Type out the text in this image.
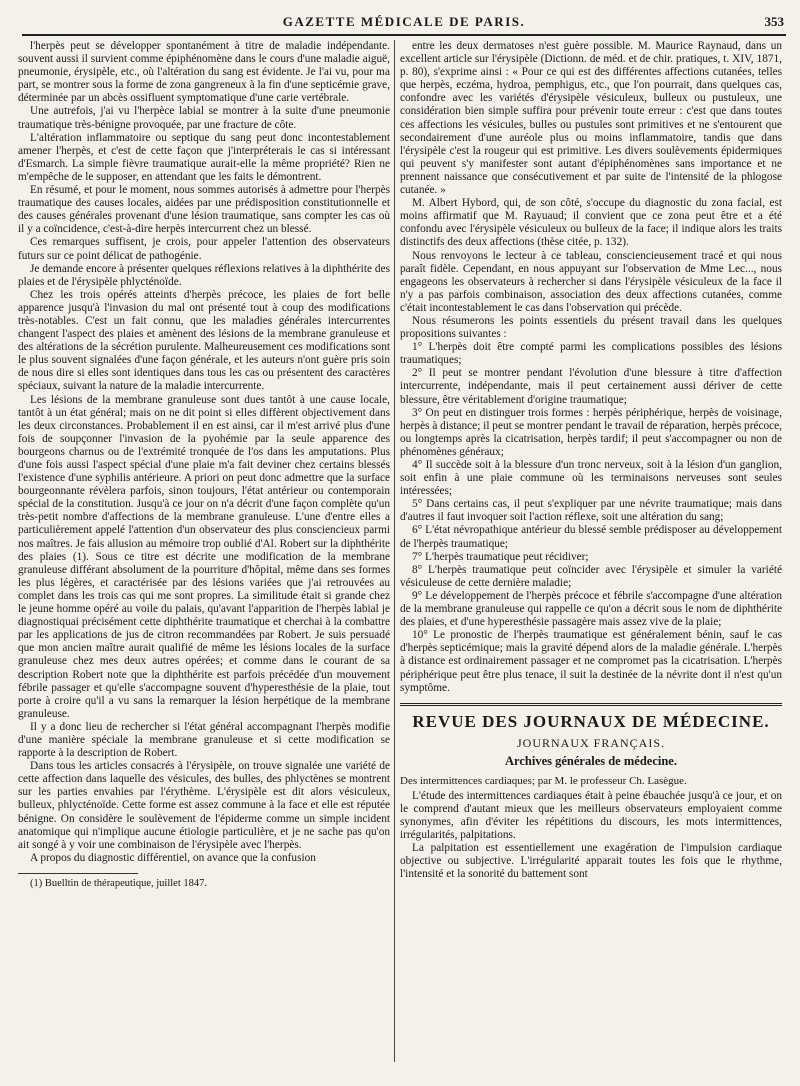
GAZETTE MÉDICALE DE PARIS.	353

l'herpès peut se développer spontanément à titre de maladie indépendante. souvent aussi il survient comme épiphénomène dans le cours d'une maladie aiguë, pneumonie, érysipèle, etc., où l'altération du sang est évidente. Je l'ai vu, pour ma part, se montrer sous la forme de zona gangreneux à la fin d'une septicémie grave, déterminée par un abcès ossifluent symptomatique d'une carie vertébrale.

Une autrefois, j'ai vu l'herpèce labial se montrer à la suite d'une pneumonie traumatique très-bénigne provoquée, par une fracture de côte.

L'altération inflammatoire ou septique du sang peut donc incontestablement amener l'herpès, et c'est de cette façon que j'interpréterais le cas si intéressant d'Esmarch. La simple fièvre traumatique aurait-elle la même propriété? Rien ne m'empêche de le supposer, en attendant que les faits le démontrent.

En résumé, et pour le moment, nous sommes autorisés à admettre pour l'herpès traumatique des causes locales, aidées par une prédisposition constitutionnelle et des causes générales provenant d'une lésion traumatique, sans compter les cas où il y a coïncidence, c'est-à-dire herpès intercurrent chez un blessé.

Ces remarques suffisent, je crois, pour appeler l'attention des observateurs futurs sur ce point délicat de pathogénie.

Je demande encore à présenter quelques réflexions relatives à la diphthérite des plaies et de l'érysipèle phlycténoïde.

Chez les trois opérés atteints d'herpès précoce, les plaies de fort belle apparence jusqu'à l'invasion du mal ont présenté tout à coup des modifications très-notables. C'est un fait connu, que les maladies générales intercurrentes changent l'aspect des plaies et amènent des lésions de la membrane granuleuse et des altérations de la sécrétion purulente. Malheureusement ces modifications sont le plus souvent signalées d'une façon générale, et les auteurs n'ont guère pris soin de nous dire si elles sont identiques dans tous les cas ou présentent des caractères spéciaux, suivant la nature de la maladie intercurrente.

Les lésions de la membrane granuleuse sont dues tantôt à une cause locale, tantôt à un état général; mais on ne dit point si elles diffèrent objectivement dans les deux circonstances. Probablement il en est ainsi, car il m'est arrivé plus d'une fois de soupçonner l'invasion de la pyohémie par la seule apparence des bourgeons charnus ou de l'extrémité tronquée de l'os dans les amputations. Plus d'une fois aussi l'aspect spécial d'une plaie m'a fait deviner chez certains blessés l'existence d'une syphilis antérieure. A priori on peut donc admettre que la surface bourgeonnante révèlera parfois, sinon toujours, l'état antérieur ou contemporain spécial de la constitution. Jusqu'à ce jour on n'a décrit d'une façon complète qu'un très-petit nombre d'affections de la membrane granuleuse. L'une d'entre elles a particulièrement appelé l'attention d'un observateur des plus consciencieux parmi nos maîtres. Je fais allusion au mémoire trop oublié d'Al. Robert sur la diphthérite des plaies (1). Sous ce titre est décrite une modification de la membrane granuleuse différant absolument de la pourriture d'hôpital, même dans ses formes les plus légères, et caractérisée par des lésions variées que j'ai retrouvées au complet dans les trois cas qui me sont propres. La similitude était si grande chez le jeune homme opéré au voile du palais, qu'avant l'apparition de l'herpès labial je diagnostiquai précisément cette diphthérite traumatique et cherchai à la combattre par les applications de jus de citron recommandées par Robert. Je suis persuadé que mon ancien maître aurait qualifié de même les lésions locales de la surface granuleuse chez mes deux autres opérées; et comme dans le courant de sa description Robert note que la diphthérite est parfois précédée d'un mouvement fébrile passager et qu'elle s'accompagne souvent d'hyperesthésie de la plaie, tout porte à croire qu'il a vu sans la remarquer la lésion herpétique de la membrane granuleuse.

Il y a donc lieu de rechercher si l'état général accompagnant l'herpès modifie d'une manière spéciale la membrane granuleuse et si cette modification se rapporte à la description de Robert.

Dans tous les articles consacrés à l'érysipèle, on trouve signalée une variété de cette affection dans laquelle des vésicules, des bulles, des phlyctènes se montrent sur les parties envahies par l'érythème. L'érysipèle est dit alors vésiculeux, bulleux, phlycténoïde. Cette forme est assez commune à la face et elle est réputée bénigne. On considère le soulèvement de l'épiderme comme un simple incident anatomique qui n'implique aucune étiologie particulière, et je ne sache pas qu'on ait songé à y voir une combinaison de l'érysipèle avec l'herpès.

A propos du diagnostic différentiel, on avance que la confusion

(1) Buelltin de thérapeutique, juillet 1847.

entre les deux dermatoses n'est guère possible. M. Maurice Raynaud, dans un excellent article sur l'érysipèle (Dictionn. de méd. et de chir. pratiques, t. XIV, 1871, p. 80), s'exprime ainsi : « Pour ce qui est des différentes affections cutanées, telles que herpès, eczéma, hydroa, pemphigus, etc., que l'on pourrait, dans quelques cas, confondre avec les variétés d'érysipèle vésiculeux, bulleux ou pustuleux, une considération bien simple suffira pour prévenir toute erreur : c'est que dans toutes ces affections les vésicules, bulles ou pustules sont primitives et ne s'entourent que secondairement d'une auréole plus ou moins inflammatoire, tandis que dans l'érysipèle c'est la rougeur qui est primitive. Les divers soulèvements épidermiques qui peuvent s'y manifester sont autant d'épiphénomènes sans importance et ne prennent naissance que consécutivement et par suite de l'intensité de la phlogose cutanée. »

M. Albert Hybord, qui, de son côté, s'occupe du diagnostic du zona facial, est moins affirmatif que M. Rayuaud; il convient que ce zona peut être et a été confondu avec l'érysipèle vésiculeux ou bulleux de la face; il indique alors les traits distinctifs des deux affections (thèse citée, p. 132).

Nous renvoyons le lecteur à ce tableau, consciencieusement tracé et qui nous paraît fidèle. Cependant, en nous appuyant sur l'observation de Mme Lec..., nous engageons les observateurs à rechercher si dans l'érysipèle vésiculeux de la face il n'y a pas parfois combinaison, association des deux affections cutanées, comme c'était incontestablement le cas dans l'observation qui précède.

Nous résumerons les points essentiels du présent travail dans les quelques propositions suivantes :

1° L'herpès doit être compté parmi les complications possibles des lésions traumatiques;

2° Il peut se montrer pendant l'évolution d'une blessure à titre d'affection intercurrente, indépendante, mais il peut certainement aussi dériver de cette blessure, être véritablement d'origine traumatique;

3° On peut en distinguer trois formes : herpès périphérique, herpès de voisinage, herpès à distance; il peut se montrer pendant le travail de réparation, herpès précoce, ou longtemps après la cicatrisation, herpès tardif; il peut s'accompagner ou non de phénomènes généraux;

4° Il succède soit à la blessure d'un tronc nerveux, soit à la lésion d'un ganglion, soit enfin à une plaie commune où les terminaisons nerveuses sont seules intéressées;

5° Dans certains cas, il peut s'expliquer par une névrite traumatique; mais dans d'autres il faut invoquer soit l'action réflexe, soit une altération du sang;

6° L'état névropathique antérieur du blessé semble prédisposer au développement de l'herpès traumatique;

7° L'herpès traumatique peut récidiver;

8° L'herpès traumatique peut coïncider avec l'érysipèle et simuler la variété vésiculeuse de cette dernière maladie;

9° Le développement de l'herpès précoce et fébrile s'accompagne d'une altération de la membrane granuleuse qui rappelle ce qu'on a décrit sous le nom de diphthérite des plaies, et d'une hyperesthésie passagère mais assez vive de la plaie;

10° Le pronostic de l'herpès traumatique est généralement bénin, sauf le cas d'herpès septicémique; mais la gravité dépend alors de la maladie générale. L'herpès à distance est ordinairement passager et ne compromet pas la cicatrisation. L'herpès périphérique peut être plus tenace, il suit la destinée de la névrite dont il n'est qu'un symptôme.

REVUE DES JOURNAUX DE MÉDECINE.
JOURNAUX FRANÇAIS.
Archives générales de médecine.

Des intermittences cardiaques; par M. le professeur Ch. Lasègue.

L'étude des intermittences cardiaques était à peine ébauchée jusqu'à ce jour, et on le comprend d'autant mieux que les meilleurs observateurs employaient comme synonymes, afin d'éviter les répétitions du discours, les mots intermittences, irrégularités, palpitations.

La palpitation est essentiellement une exagération de l'impulsion cardiaque objective ou subjective. L'irrégularité apparait toutes les fois que le rhythme, l'intensité et la sonorité du battement sont
